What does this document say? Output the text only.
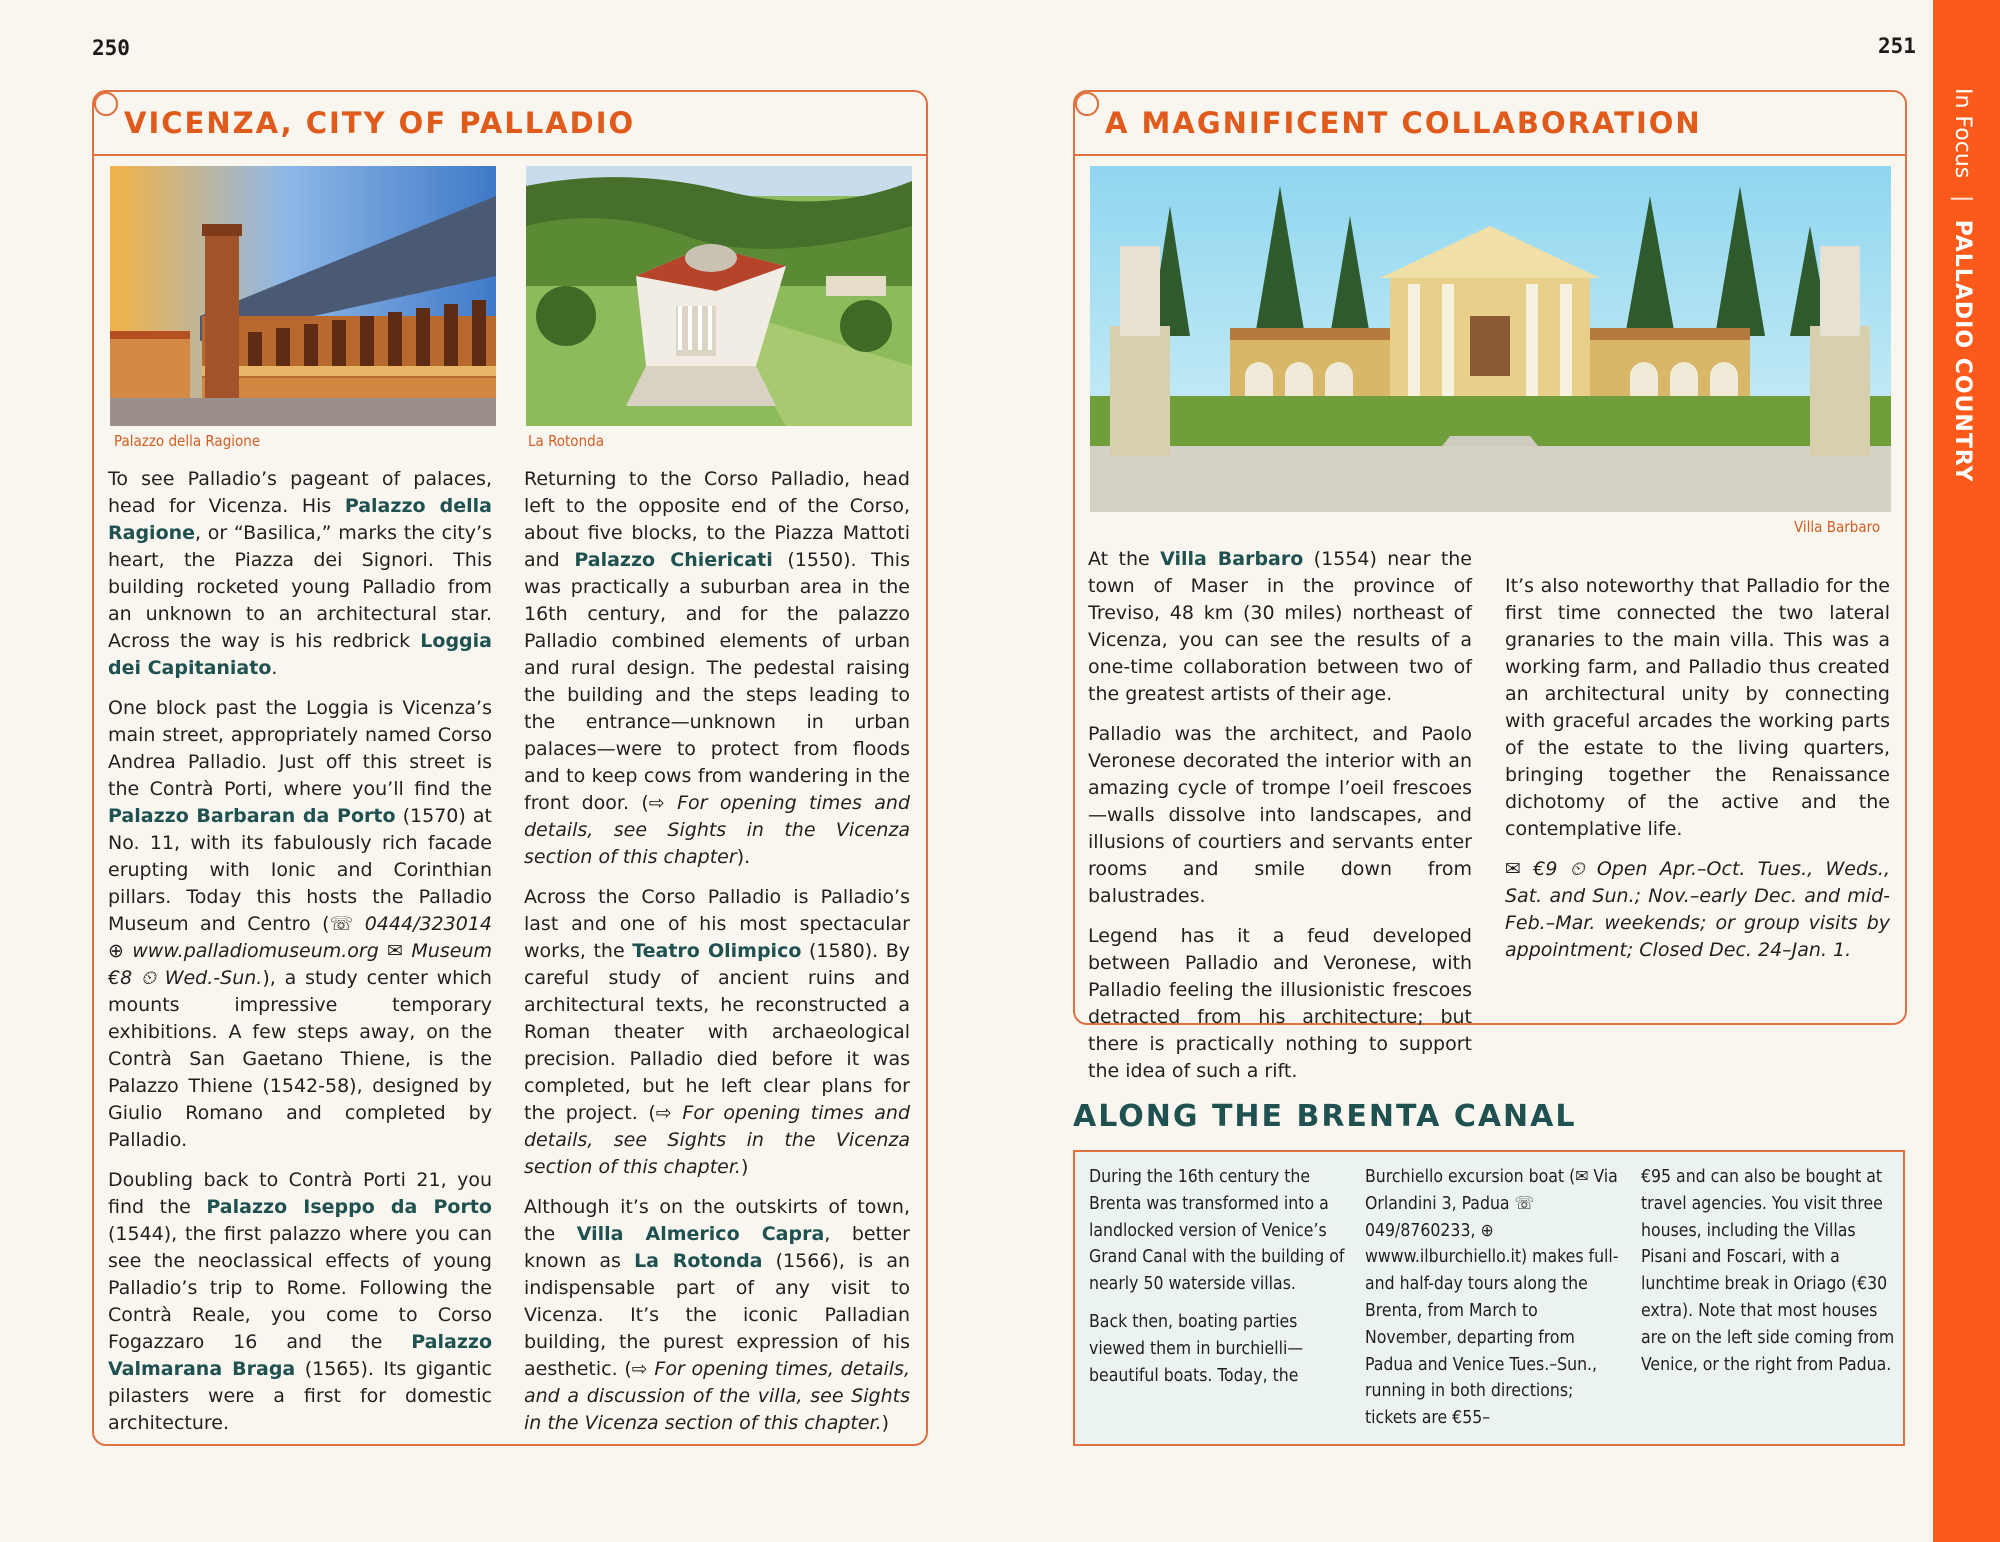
250	251
VICENZA, CITY OF PALLADIO
Palazzo della Ragione	La Rotonda

To see Palladio’s pageant of palaces, head for Vicenza. His Palazzo della Ragione, or “Basilica,” marks the city’s heart, the Piazza dei Signori. This building rocketed young Palladio from an unknown to an architectural star. Across the way is his redbrick Loggia dei Capitaniato.

One block past the Loggia is Vicenza’s main street, appropriately named Corso Andrea Palladio. Just off this street is the Contrà Porti, where you’ll find the Palazzo Barbaran da Porto (1570) at No. 11, with its fabulously rich facade erupting with Ionic and Corinthian pillars. Today this hosts the Palladio Museum and Centro (☏ 0444/323014 ⊕ www.palladiomuseum.org ✉ Museum €8 ⏲ Wed.-Sun.), a study center which mounts impressive temporary exhibitions. A few steps away, on the Contrà San Gaetano Thiene, is the Palazzo Thiene (1542-58), designed by Giulio Romano and completed by Palladio.

Doubling back to Contrà Porti 21, you find the Palazzo Iseppo da Porto (1544), the first palazzo where you can see the neoclassical effects of young Palladio’s trip to Rome. Following the Contrà Reale, you come to Corso Fogazzaro 16 and the Palazzo Valmarana Braga (1565). Its gigantic pilasters were a first for domestic architecture.

Returning to the Corso Palladio, head left to the opposite end of the Corso, about five blocks, to the Piazza Mattoti and Palazzo Chiericati (1550). This was practically a suburban area in the 16th century, and for the palazzo Palladio combined elements of urban and rural design. The pedestal raising the building and the steps leading to the entrance—unknown in urban palaces—were to protect from floods and to keep cows from wandering in the front door. (⇨ For opening times and details, see Sights in the Vicenza section of this chapter).

Across the Corso Palladio is Palladio’s last and one of his most spectacular works, the Teatro Olimpico (1580). By careful study of ancient ruins and architectural texts, he reconstructed a Roman theater with archaeological precision. Palladio died before it was completed, but he left clear plans for the project. (⇨ For opening times and details, see Sights in the Vicenza section of this chapter.)

Although it’s on the outskirts of town, the Villa Almerico Capra, better known as La Rotonda (1566), is an indispensable part of any visit to Vicenza. It’s the iconic Palladian building, the purest expression of his aesthetic. (⇨ For opening times, details, and a discussion of the villa, see Sights in the Vicenza section of this chapter.)

A MAGNIFICENT COLLABORATION
Villa Barbaro

At the Villa Barbaro (1554) near the town of Maser in the province of Treviso, 48 km (30 miles) northeast of Vicenza, you can see the results of a one-time collaboration between two of the greatest artists of their age.

Palladio was the architect, and Paolo Veronese decorated the interior with an amazing cycle of trompe l’oeil frescoes—walls dissolve into landscapes, and illusions of courtiers and servants enter rooms and smile down from balustrades.

Legend has it a feud developed between Palladio and Veronese, with Palladio feeling the illusionistic frescoes detracted from his architecture; but there is practically nothing to support the idea of such a rift.

It’s also noteworthy that Palladio for the first time connected the two lateral granaries to the main villa. This was a working farm, and Palladio thus created an architectural unity by connecting with graceful arcades the working parts of the estate to the living quarters, bringing together the Renaissance dichotomy of the active and the contemplative life.

✉ €9 ⏲ Open Apr.–Oct. Tues., Weds., Sat. and Sun.; Nov.–early Dec. and mid-Feb.–Mar. weekends; or group visits by appointment; Closed Dec. 24–Jan. 1.

ALONG THE BRENTA CANAL

During the 16th century the Brenta was transformed into a landlocked version of Venice’s Grand Canal with the building of nearly 50 waterside villas.

Back then, boating parties viewed them in burchielli—beautiful boats. Today, the

Burchiello excursion boat (✉ Via Orlandini 3, Padua ☏ 049/8760233, ⊕ wwww.ilburchiello.it) makes full- and half-day tours along the Brenta, from March to November, departing from Padua and Venice Tues.–Sun., running in both directions; tickets are €55–

€95 and can also be bought at travel agencies. You visit three houses, including the Villas Pisani and Foscari, with a lunchtime break in Oriago (€30 extra). Note that most houses are on the left side coming from Venice, or the right from Padua.

In Focus | PALLADIO COUNTRY
